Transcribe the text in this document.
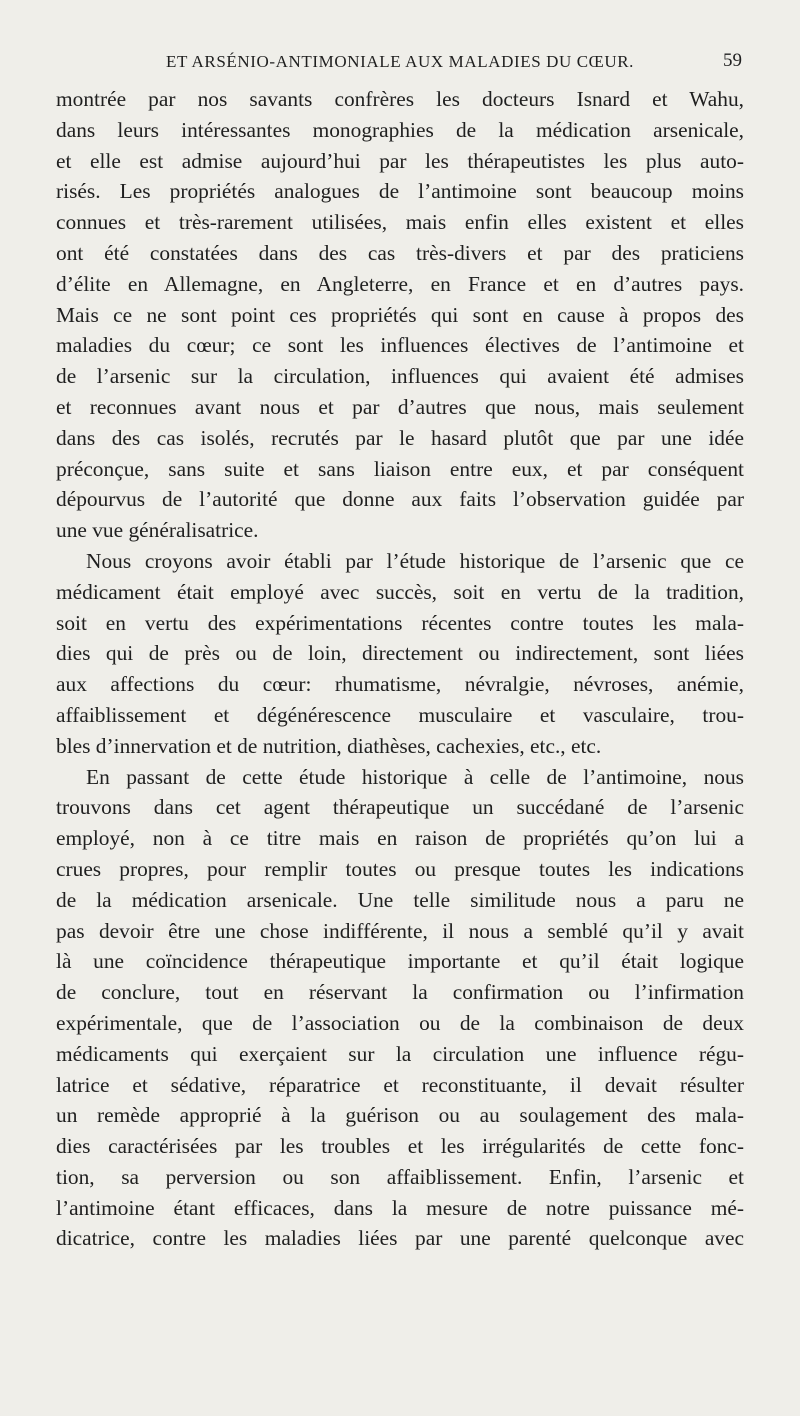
ET ARSÉNIO-ANTIMONIALE AUX MALADIES DU CŒUR.	59
montrée par nos savants confrères les docteurs Isnard et Wahu,
dans leurs intéressantes monographies de la médication arsenicale,
et elle est admise aujourd’hui par les thérapeutistes les plus auto-
risés. Les propriétés analogues de l’antimoine sont beaucoup moins
connues et très-rarement utilisées, mais enfin elles existent et elles
ont été constatées dans des cas très-divers et par des praticiens
d’élite en Allemagne, en Angleterre, en France et en d’autres pays.
Mais ce ne sont point ces propriétés qui sont en cause à propos des
maladies du cœur; ce sont les influences électives de l’antimoine et
de l’arsenic sur la circulation, influences qui avaient été admises
et reconnues avant nous et par d’autres que nous, mais seulement
dans des cas isolés, recrutés par le hasard plutôt que par une idée
préconçue, sans suite et sans liaison entre eux, et par conséquent
dépourvus de l’autorité que donne aux faits l’observation guidée par
une vue généralisatrice.
Nous croyons avoir établi par l’étude historique de l’arsenic que ce
médicament était employé avec succès, soit en vertu de la tradition,
soit en vertu des expérimentations récentes contre toutes les mala-
dies qui de près ou de loin, directement ou indirectement, sont liées
aux affections du cœur: rhumatisme, névralgie, névroses, anémie,
affaiblissement et dégénérescence musculaire et vasculaire, trou-
bles d’innervation et de nutrition, diathèses, cachexies, etc., etc.
En passant de cette étude historique à celle de l’antimoine, nous
trouvons dans cet agent thérapeutique un succédané de l’arsenic
employé, non à ce titre mais en raison de propriétés qu’on lui a
crues propres, pour remplir toutes ou presque toutes les indications
de la médication arsenicale. Une telle similitude nous a paru ne
pas devoir être une chose indifférente, il nous a semblé qu’il y avait
là une coïncidence thérapeutique importante et qu’il était logique
de conclure, tout en réservant la confirmation ou l’infirmation
expérimentale, que de l’association ou de la combinaison de deux
médicaments qui exerçaient sur la circulation une influence régu-
latrice et sédative, réparatrice et reconstituante, il devait résulter
un remède approprié à la guérison ou au soulagement des mala-
dies caractérisées par les troubles et les irrégularités de cette fonc-
tion, sa perversion ou son affaiblissement. Enfin, l’arsenic et
l’antimoine étant efficaces, dans la mesure de notre puissance mé-
dicatrice, contre les maladies liées par une parenté quelconque avec
